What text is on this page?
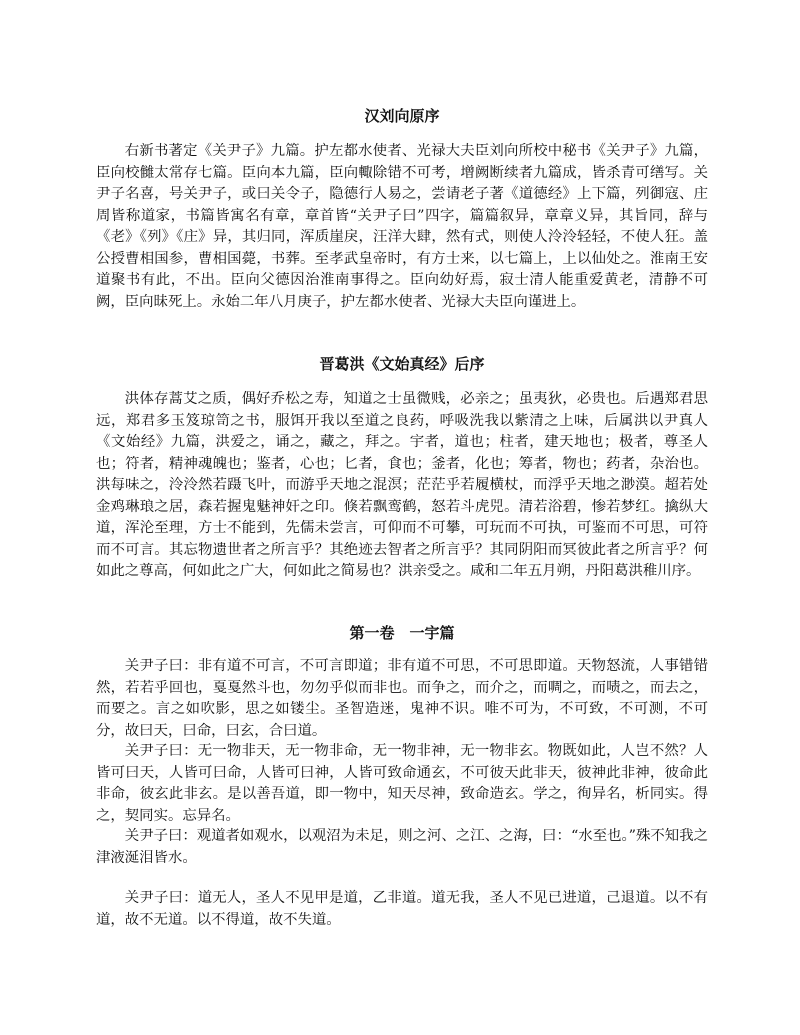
汉刘向原序

右新书著定《关尹子》九篇。护左都水使者、光禄大夫臣刘向所校中秘书《关尹子》九篇，臣向校雠太常存七篇。臣向本九篇，臣向輙除错不可考，增阙断续者九篇成，皆杀青可缮写。关尹子名喜，号关尹子，或曰关令子，隐德行人易之，尝请老子著《道德经》上下篇，列御寇、庄周皆称道家，书篇皆寓名有章，章首皆“关尹子曰”四字，篇篇叙异，章章义异，其旨同，辞与《老》《列》《庄》异，其归同，浑质崖戾，汪洋大肆，然有式，则使人泠泠轻轻，不使人狂。盖公授曹相国参，曹相国薨，书葬。至孝武皇帝时，有方士来，以七篇上，上以仙处之。淮南王安道聚书有此，不出。臣向父德因治淮南事得之。臣向幼好焉，寂士清人能重爱黄老，清静不可阙，臣向昧死上。永始二年八月庚子，护左都水使者、光禄大夫臣向谨进上。

晋葛洪《文始真经》后序

洪体存蒿艾之质，偶好乔松之寿，知道之士虽微贱，必亲之；虽夷狄，必贵也。后遇郑君思远，郑君多玉笈琼笥之书，服饵开我以至道之良药，呼吸洗我以紫清之上味，后属洪以尹真人《文始经》九篇，洪爱之，诵之，藏之，拜之。宇者，道也；柱者，建天地也；极者，尊圣人也；符者，精神魂魄也；鉴者，心也；匕者，食也；釜者，化也；筹者，物也；药者，杂治也。洪每味之，泠泠然若蹑飞叶，而游乎天地之混溟；茫茫乎若履横杖，而浮乎天地之渺漠。超若处金鸡琳琅之居，森若握鬼魅神奸之印。倏若飘鸾鹤，怒若斗虎兕。清若浴碧，惨若梦红。擒纵大道，浑沦至理，方士不能到，先儒未尝言，可仰而不可攀，可玩而不可执，可鉴而不可思，可符而不可言。其忘物遗世者之所言乎？其绝迹去智者之所言乎？其同阴阳而冥彼此者之所言乎？何如此之尊高，何如此之广大，何如此之简易也？洪亲受之。咸和二年五月朔，丹阳葛洪稚川序。

第一卷　一宇篇

关尹子曰：非有道不可言，不可言即道；非有道不可思，不可思即道。天物怒流，人事错错然，若若乎回也，戛戛然斗也，勿勿乎似而非也。而争之，而介之，而啁之，而啧之，而去之，而要之。言之如吹影，思之如镂尘。圣智造迷，鬼神不识。唯不可为，不可致，不可测，不可分，故曰天，曰命，曰玄，合曰道。

关尹子曰：无一物非天，无一物非命，无一物非神，无一物非玄。物既如此，人岂不然？人皆可曰天，人皆可曰命，人皆可曰神，人皆可致命通玄，不可彼天此非天，彼神此非神，彼命此非命，彼玄此非玄。是以善吾道，即一物中，知天尽神，致命造玄。学之，徇异名，析同实。得之，契同实。忘异名。

关尹子曰：观道者如观水，以观沼为未足，则之河、之江、之海，曰：“水至也。”殊不知我之津液涎泪皆水。

关尹子曰：道无人，圣人不见甲是道，乙非道。道无我，圣人不见已进道，己退道。以不有道，故不无道。以不得道，故不失道。
